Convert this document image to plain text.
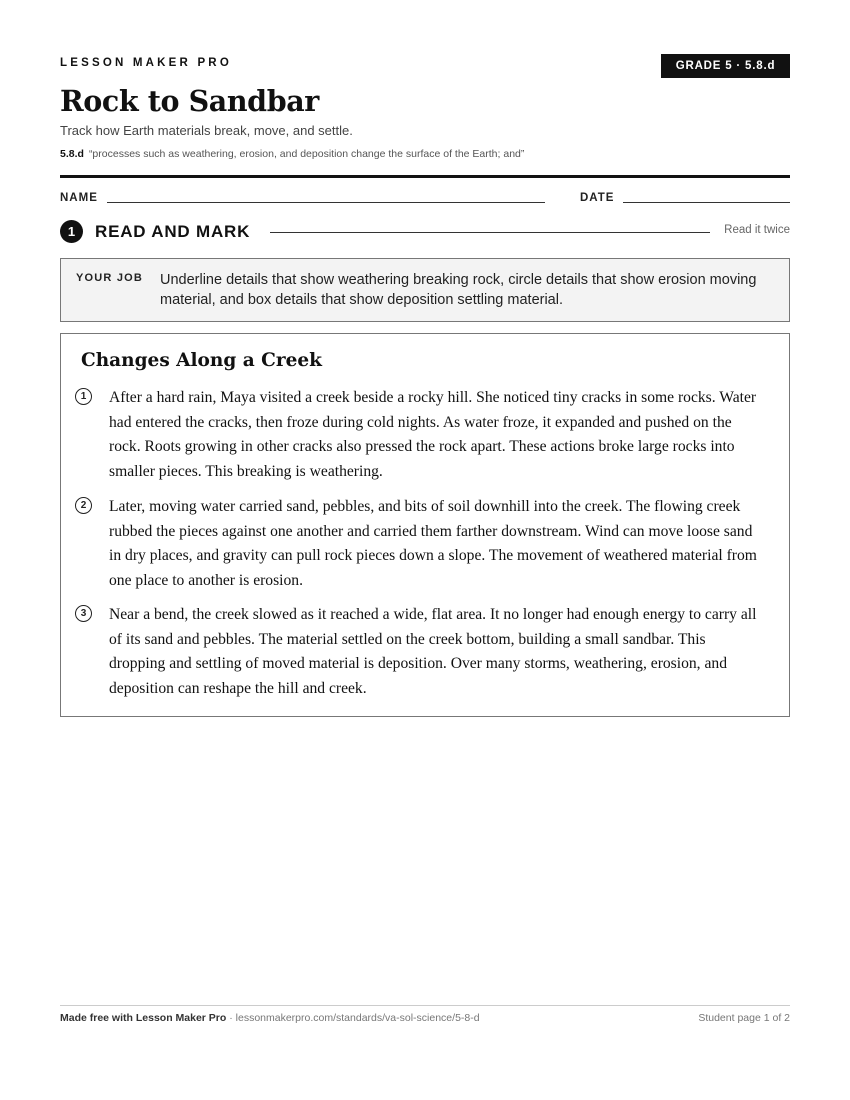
LESSON MAKER PRO	GRADE 5 · 5.8.d
Rock to Sandbar
Track how Earth materials break, move, and settle.
5.8.d “processes such as weathering, erosion, and deposition change the surface of the Earth; and”
NAME	DATE
1	READ AND MARK	Read it twice
YOUR JOB Underline details that show weathering breaking rock, circle details that show erosion moving material, and box details that show deposition settling material.
Changes Along a Creek
1	After a hard rain, Maya visited a creek beside a rocky hill. She noticed tiny cracks in some rocks. Water had entered the cracks, then froze during cold nights. As water froze, it expanded and pushed on the rock. Roots growing in other cracks also pressed the rock apart. These actions broke large rocks into smaller pieces. This breaking is weathering.
2	Later, moving water carried sand, pebbles, and bits of soil downhill into the creek. The flowing creek rubbed the pieces against one another and carried them farther downstream. Wind can move loose sand in dry places, and gravity can pull rock pieces down a slope. The movement of weathered material from one place to another is erosion.
3	Near a bend, the creek slowed as it reached a wide, flat area. It no longer had enough energy to carry all of its sand and pebbles. The material settled on the creek bottom, building a small sandbar. This dropping and settling of moved material is deposition. Over many storms, weathering, erosion, and deposition can reshape the hill and creek.
Made free with Lesson Maker Pro · lessonmakerpro.com/standards/va-sol-science/5-8-d	Student page 1 of 2
